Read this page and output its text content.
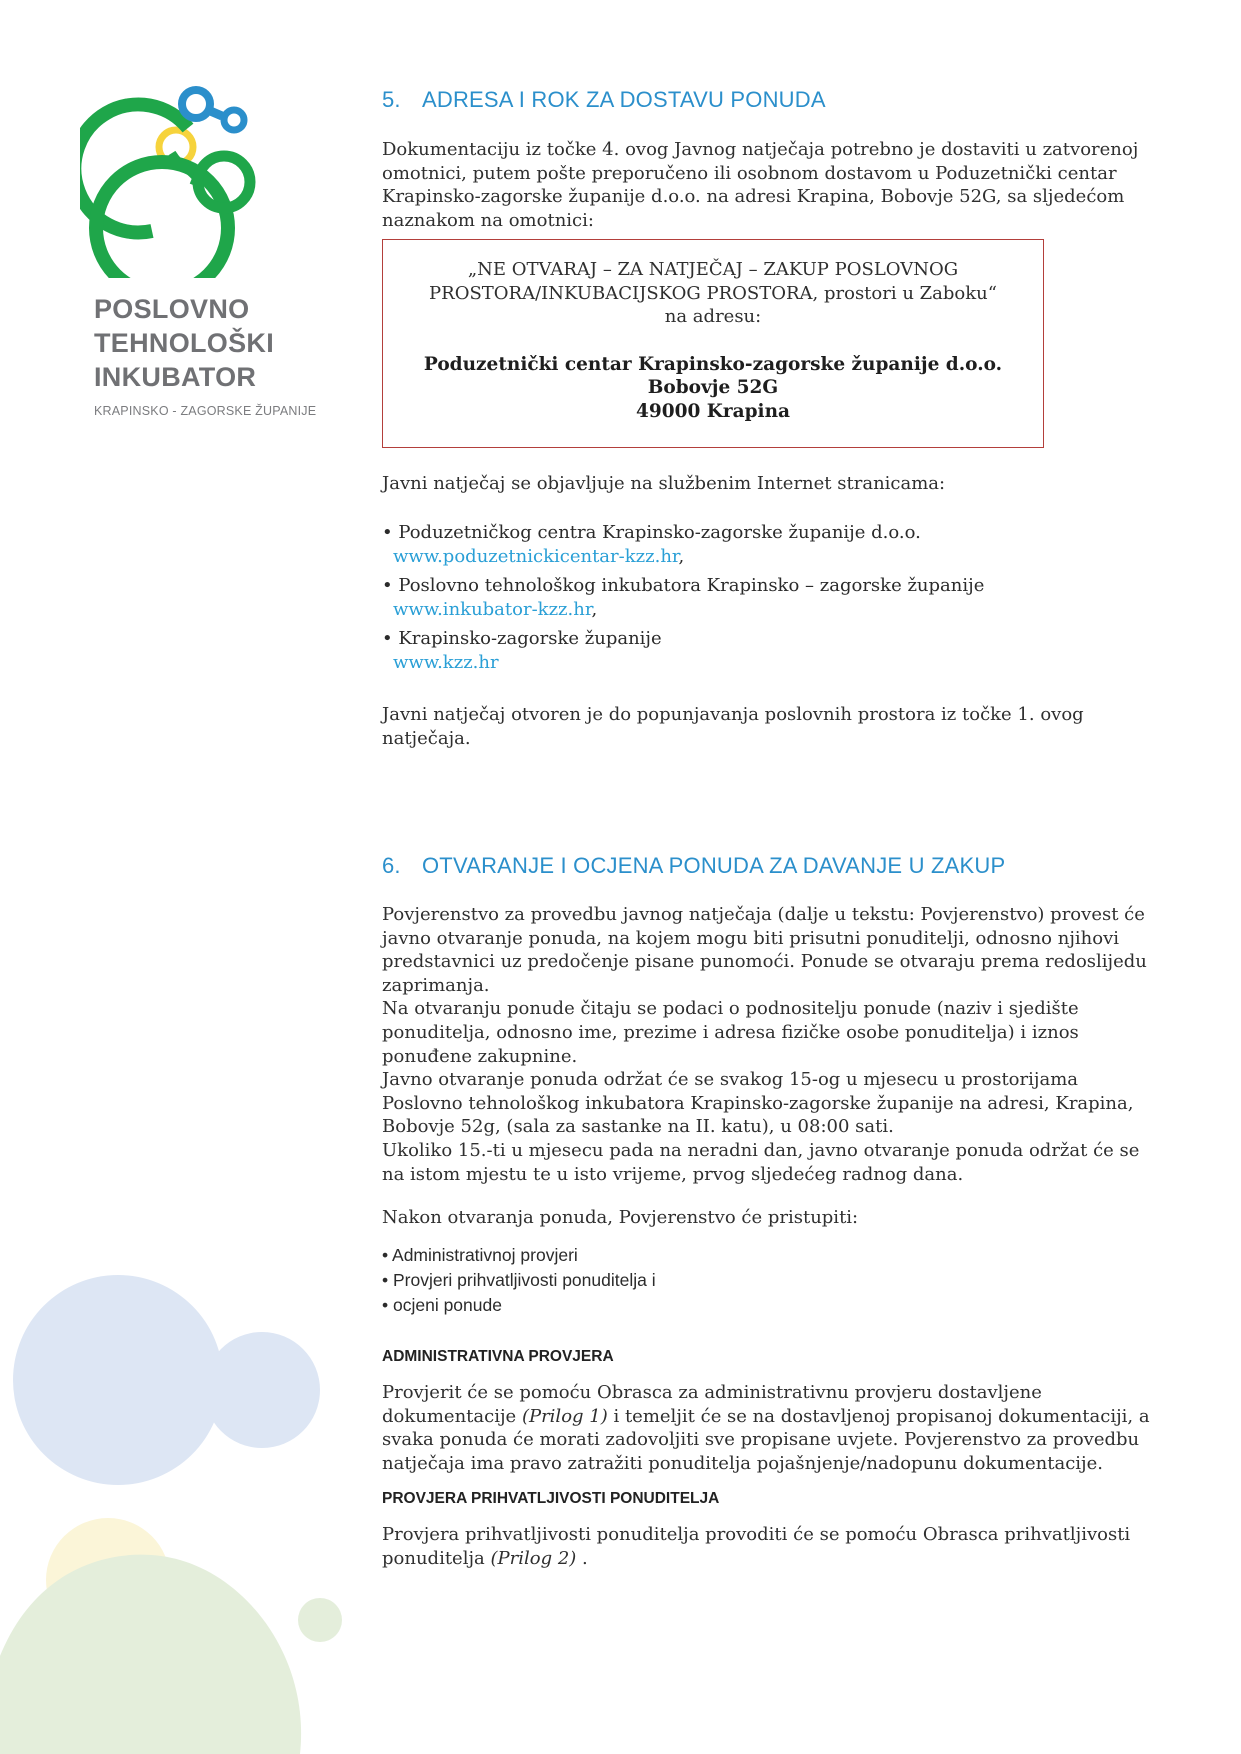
POSLOVNO
TEHNOLOŠKI
INKUBATOR
KRAPINSKO - ZAGORSKE ŽUPANIJE
5. ADRESA I ROK ZA DOSTAVU PONUDA
Dokumentaciju iz točke 4. ovog Javnog natječaja potrebno je dostaviti u zatvorenoj omotnici, putem pošte preporučeno ili osobnom dostavom u Poduzetnički centar Krapinsko-zagorske županije d.o.o. na adresi Krapina, Bobovje 52G, sa sljedećom naznakom na omotnici:
„NE OTVARAJ – ZA NATJEČAJ – ZAKUP POSLOVNOG
PROSTORA/INKUBACIJSKOG PROSTORA, prostori u Zaboku“
na adresu:
Poduzetnički centar Krapinsko-zagorske županije d.o.o.
Bobovje 52G
49000 Krapina
Javni natječaj se objavljuje na službenim Internet stranicama:
• Poduzetničkog centra Krapinsko-zagorske županije d.o.o.
www.poduzetnickicentar-kzz.hr,
• Poslovno tehnološkog inkubatora Krapinsko – zagorske županije
www.inkubator-kzz.hr,
• Krapinsko-zagorske županije
www.kzz.hr
Javni natječaj otvoren je do popunjavanja poslovnih prostora iz točke 1. ovog natječaja.
6. OTVARANJE I OCJENA PONUDA ZA DAVANJE U ZAKUP

Povjerenstvo za provedbu javnog natječaja (dalje u tekstu: Povjerenstvo) provest će javno otvaranje ponuda, na kojem mogu biti prisutni ponuditelji, odnosno njihovi predstavnici uz predočenje pisane punomoći. Ponude se otvaraju prema redoslijedu zaprimanja.

Na otvaranju ponude čitaju se podaci o podnositelju ponude (naziv i sjedište ponuditelja, odnosno ime, prezime i adresa fizičke osobe ponuditelja) i iznos ponuđene zakupnine.

Javno otvaranje ponuda održat će se svakog 15-og u mjesecu u prostorijama Poslovno tehnološkog inkubatora Krapinsko-zagorske županije na adresi, Krapina, Bobovje 52g, (sala za sastanke na II. katu), u 08:00 sati.

Ukoliko 15.-ti u mjesecu pada na neradni dan, javno otvaranje ponuda održat će se na istom mjestu te u isto vrijeme, prvog sljedećeg radnog dana.

Nakon otvaranja ponuda, Povjerenstvo će pristupiti:
• Administrativnoj provjeri
• Provjeri prihvatljivosti ponuditelja i
• ocjeni ponude
ADMINISTRATIVNA PROVJERA
Provjerit će se pomoću Obrasca za administrativnu provjeru dostavljene dokumentacije (Prilog 1) i temeljit će se na dostavljenoj propisanoj dokumentaciji, a svaka ponuda će morati zadovoljiti sve propisane uvjete. Povjerenstvo za provedbu natječaja ima pravo zatražiti ponuditelja pojašnjenje/nadopunu dokumentacije.
PROVJERA PRIHVATLJIVOSTI PONUDITELJA
Provjera prihvatljivosti ponuditelja provoditi će se pomoću Obrasca prihvatljivosti ponuditelja (Prilog 2) .
